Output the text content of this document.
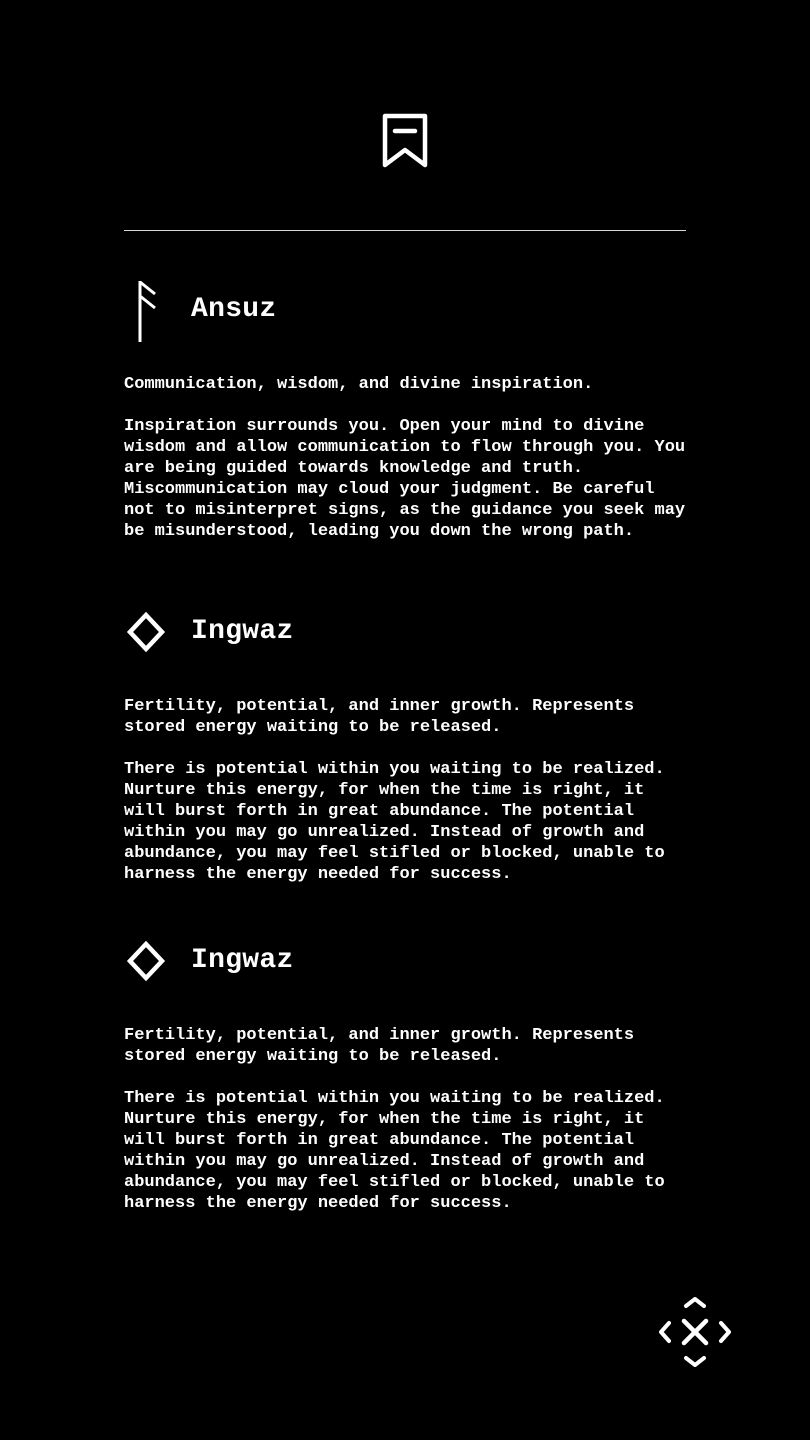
Ansuz

Communication, wisdom, and divine inspiration.

Inspiration surrounds you. Open your mind to divine wisdom and allow communication to flow through you. You are being guided towards knowledge and truth. Miscommunication may cloud your judgment. Be careful not to misinterpret signs, as the guidance you seek may be misunderstood, leading you down the wrong path.

Ingwaz

Fertility, potential, and inner growth. Represents stored energy waiting to be released.

There is potential within you waiting to be realized. Nurture this energy, for when the time is right, it will burst forth in great abundance. The potential within you may go unrealized. Instead of growth and abundance, you may feel stifled or blocked, unable to harness the energy needed for success.

Ingwaz

Fertility, potential, and inner growth. Represents stored energy waiting to be released.

There is potential within you waiting to be realized. Nurture this energy, for when the time is right, it will burst forth in great abundance. The potential within you may go unrealized. Instead of growth and abundance, you may feel stifled or blocked, unable to harness the energy needed for success.
